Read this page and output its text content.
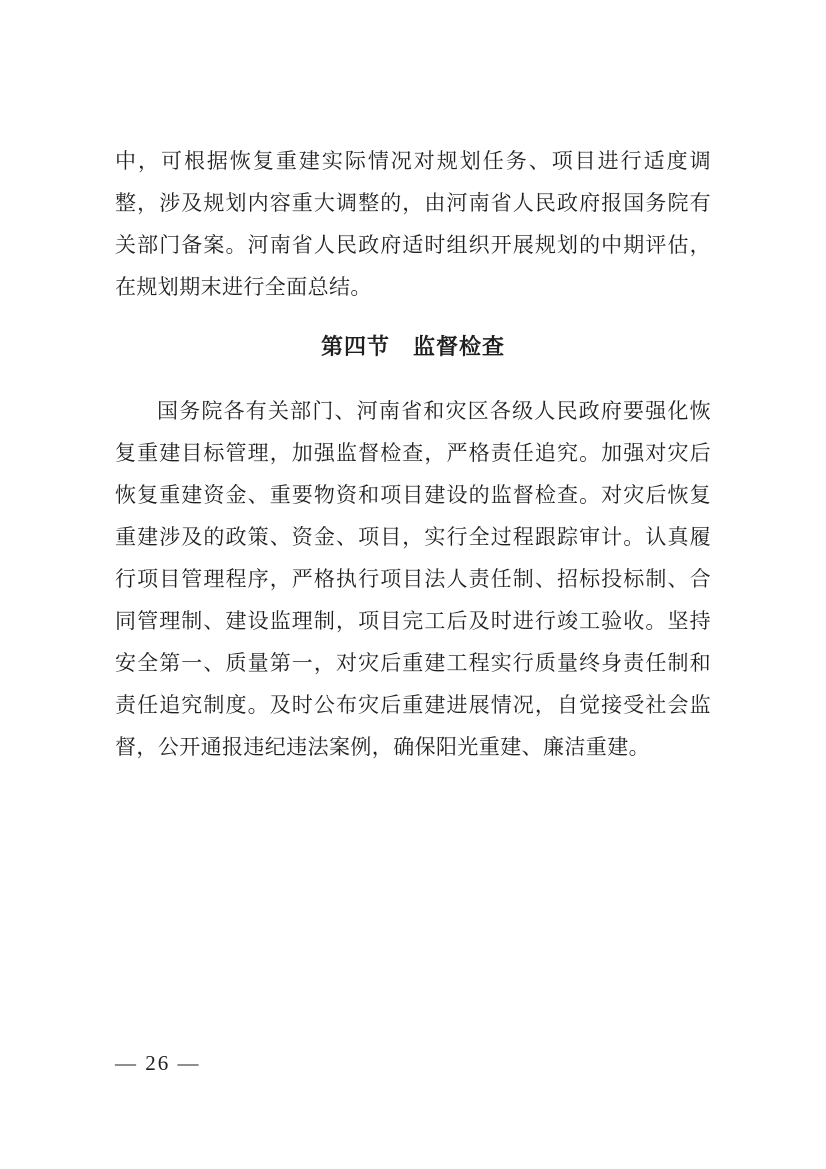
中，可根据恢复重建实际情况对规划任务、项目进行适度调整，涉及规划内容重大调整的，由河南省人民政府报国务院有关部门备案。河南省人民政府适时组织开展规划的中期评估，在规划期末进行全面总结。

第四节　监督检查

国务院各有关部门、河南省和灾区各级人民政府要强化恢复重建目标管理，加强监督检查，严格责任追究。加强对灾后恢复重建资金、重要物资和项目建设的监督检查。对灾后恢复重建涉及的政策、资金、项目，实行全过程跟踪审计。认真履行项目管理程序，严格执行项目法人责任制、招标投标制、合同管理制、建设监理制，项目完工后及时进行竣工验收。坚持安全第一、质量第一，对灾后重建工程实行质量终身责任制和责任追究制度。及时公布灾后重建进展情况，自觉接受社会监督，公开通报违纪违法案例，确保阳光重建、廉洁重建。

— 26 —
